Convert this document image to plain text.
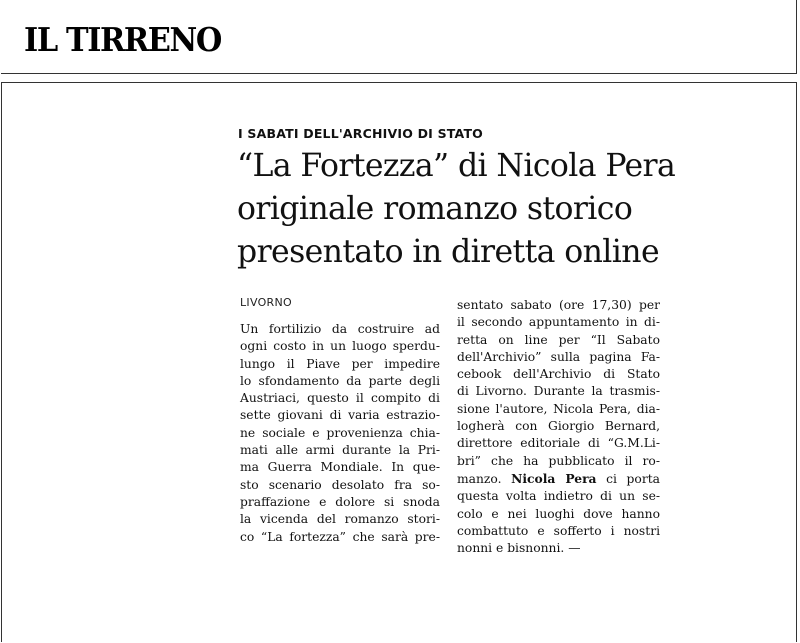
IL TIRRENO
I SABATI DELL'ARCHIVIO DI STATO
“La Fortezza” di Nicola Pera
originale romanzo storico
presentato in diretta online
LIVORNO
Un fortilizio da costruire ad
ogni costo in un luogo sperdu-
lungo il Piave per impedire
lo sfondamento da parte degli
Austriaci, questo il compito di
sette giovani di varia estrazio-
ne sociale e provenienza chia-
mati alle armi durante la Pri-
ma Guerra Mondiale. In que-
sto scenario desolato fra so-
praffazione e dolore si snoda
la vicenda del romanzo stori-
co “La fortezza” che sarà pre-
sentato sabato (ore 17,30) per
il secondo appuntamento in di-
retta on line per “Il Sabato
dell'Archivio” sulla pagina Fa-
cebook dell'Archivio di Stato
di Livorno. Durante la trasmis-
sione l'autore, Nicola Pera, dia-
logherà con Giorgio Bernard,
direttore editoriale di “G.M.Li-
bri” che ha pubblicato il ro-
manzo. Nicola Pera ci porta
questa volta indietro di un se-
colo e nei luoghi dove hanno
combattuto e sofferto i nostri
nonni e bisnonni. —
